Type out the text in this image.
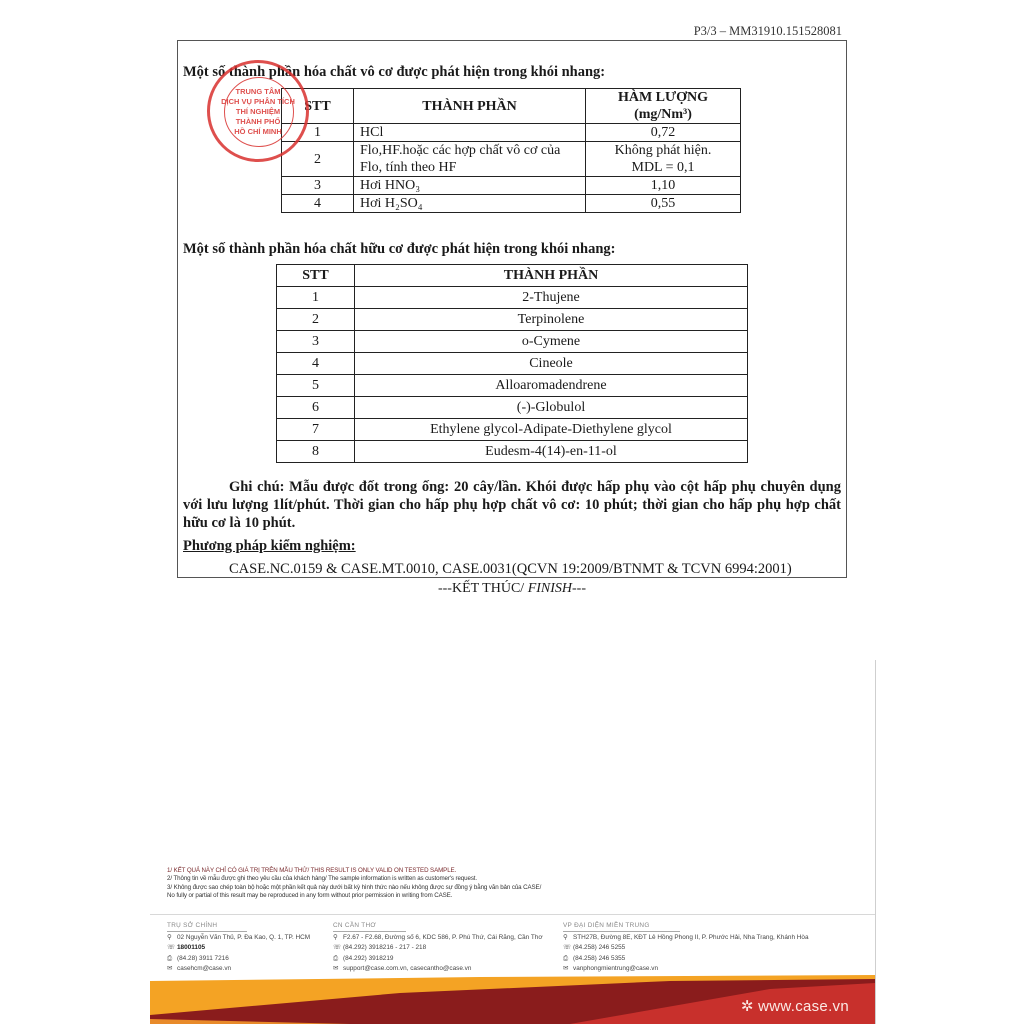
P3/3 – MM31910.151528081
Một số thành phần hóa chất vô cơ được phát hiện trong khói nhang:
STT	THÀNH PHẦN	HÀM LƯỢNG
(mg/Nm³)
1	HCl	0,72
2	Flo,HF.hoặc các hợp chất vô cơ của
Flo, tính theo HF	Không phát hiện.
MDL = 0,1
3	Hơi HNO₃	1,10
4	Hơi H₂SO₄	0,55
TRUNG TÂM
DỊCH VỤ PHÂN TÍCH
THÍ NGHIỆM
THÀNH PHỐ
HỒ CHÍ MINH
Một số thành phần hóa chất hữu cơ được phát hiện trong khói nhang:
STT	THÀNH PHẦN
1	2-Thujene
2	Terpinolene
3	o-Cymene
4	Cineole
5	Alloaromadendrene
6	(-)-Globulol
7	Ethylene glycol-Adipate-Diethylene glycol
8	Eudesm-4(14)-en-11-ol
Ghi chú: Mẫu được đốt trong ống: 20 cây/lần. Khói được hấp phụ vào cột hấp phụ chuyên dụng với lưu lượng 1lít/phút. Thời gian cho hấp phụ hợp chất vô cơ: 10 phút; thời gian cho hấp phụ hợp chất hữu cơ là 10 phút.
Phương pháp kiểm nghiệm:
CASE.NC.0159 & CASE.MT.0010, CASE.0031(QCVN 19:2009/BTNMT & TCVN 6994:2001)
---KẾT THÚC/ FINISH---
1/ KẾT QUẢ NÀY CHỈ CÓ GIÁ TRỊ TRÊN MẪU THỬ/ THIS RESULT IS ONLY VALID ON TESTED SAMPLE.
2/ Thông tin về mẫu được ghi theo yêu cầu của khách hàng/ The sample information is written as customer's request.
3/ Không được sao chép toàn bộ hoặc một phần kết quả này dưới bất kỳ hình thức nào nếu không được sự đồng ý bằng văn bản của CASE/
No fully or partial of this result may be reproduced in any form without prior permission in writing from CASE.
TRỤ SỞ CHÍNH
⚲ 02 Nguyễn Văn Thủ, P. Đa Kao, Q. 1, TP. HCM
☏ 18001105
⎙ (84.28) 3911 7216
✉ casehcm@case.vn
CN CẦN THƠ
⚲ F2.67 - F2.68, Đường số 6, KDC 586, P. Phú Thứ, Cái Răng, Cần Thơ
☏ (84.292) 3918216 - 217 - 218
⎙ (84.292) 3918219
✉ support@case.com.vn, casecantho@case.vn
VP ĐẠI DIỆN MIỀN TRUNG
⚲ STH27B, Đường 8E, KĐT Lê Hồng Phong II, P. Phước Hải, Nha Trang, Khánh Hòa
☏ (84.258) 246 5255
⎙ (84.258) 246 5355
✉ vanphongmientrung@case.vn
✲ www.case.vn
